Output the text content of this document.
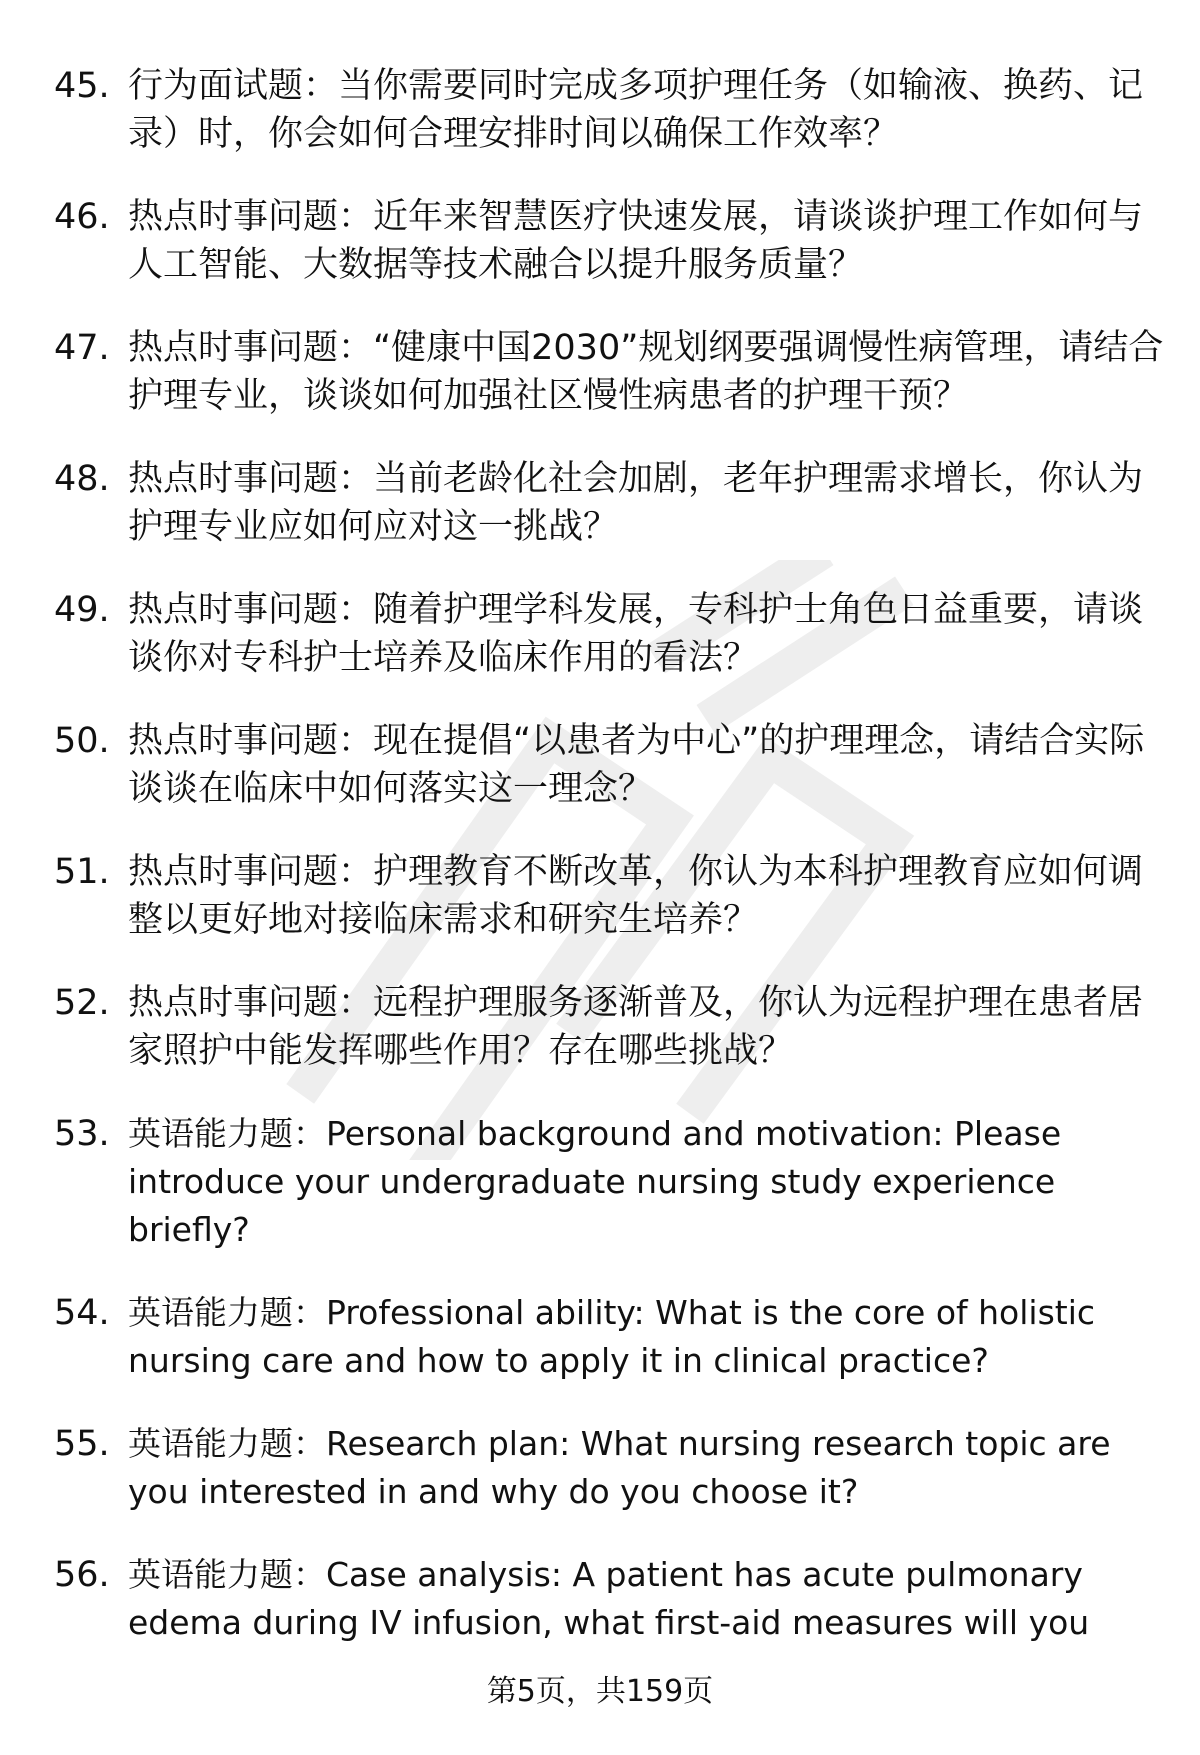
45. 行为面试题：当你需要同时完成多项护理任务（如输液、换药、记录）时，你会如何合理安排时间以确保工作效率？
46. 热点时事问题：近年来智慧医疗快速发展，请谈谈护理工作如何与人工智能、大数据等技术融合以提升服务质量？
47. 热点时事问题：“健康中国2030”规划纲要强调慢性病管理，请结合护理专业，谈谈如何加强社区慢性病患者的护理干预？
48. 热点时事问题：当前老龄化社会加剧，老年护理需求增长，你认为护理专业应如何应对这一挑战？
49. 热点时事问题：随着护理学科发展，专科护士角色日益重要，请谈谈你对专科护士培养及临床作用的看法？
50. 热点时事问题：现在提倡“以患者为中心”的护理理念，请结合实际谈谈在临床中如何落实这一理念？
51. 热点时事问题：护理教育不断改革，你认为本科护理教育应如何调整以更好地对接临床需求和研究生培养？
52. 热点时事问题：远程护理服务逐渐普及，你认为远程护理在患者居家照护中能发挥哪些作用？存在哪些挑战？
53. 英语能力题：Personal background and motivation: Please introduce your undergraduate nursing study experience briefly?
54. 英语能力题：Professional ability: What is the core of holistic nursing care and how to apply it in clinical practice?
55. 英语能力题：Research plan: What nursing research topic are you interested in and why do you choose it?
56. 英语能力题：Case analysis: A patient has acute pulmonary edema during IV infusion, what first-aid measures will you
第5页，共159页
